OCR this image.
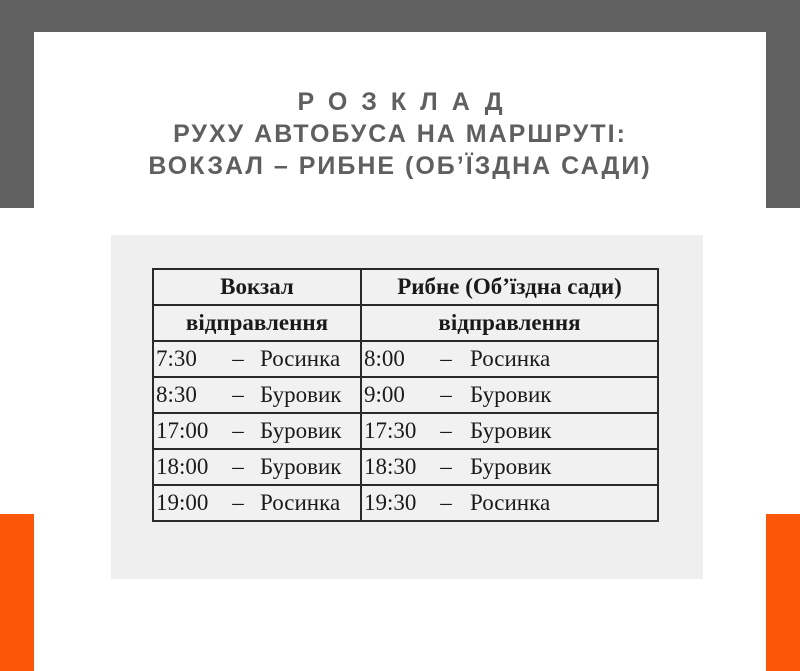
РОЗКЛАД
РУХУ АВТОБУСА НА МАРШРУТІ:
ВОКЗАЛ – РИБНЕ (ОБ’ЇЗДНА САДИ)
Вокзал	Рибне (Об’їздна сади)
відправлення	відправлення

7:30 – Росинка	8:00 – Росинка

8:30 – Буровик	9:00 – Буровик

17:00 – Буровик	17:30 – Буровик

18:00 – Буровик	18:30 – Буровик

19:00 – Росинка	19:30 – Росинка
